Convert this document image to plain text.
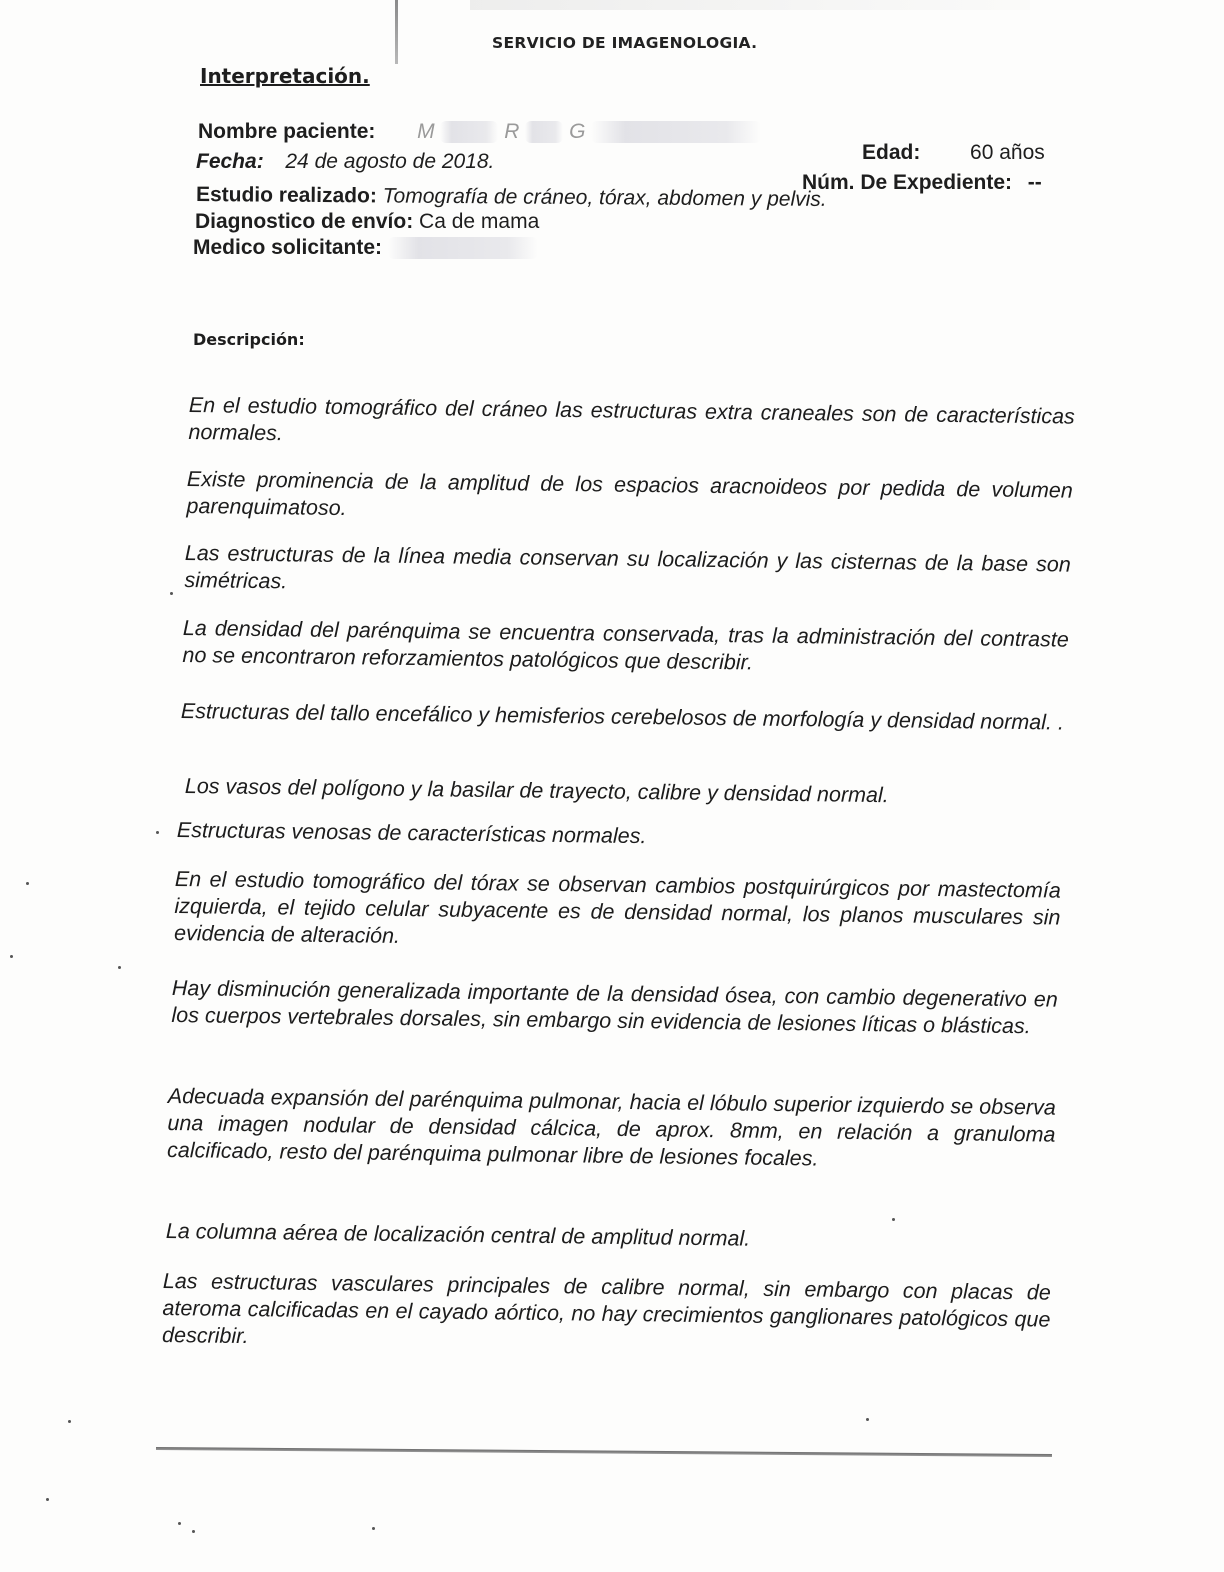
SERVICIO DE IMAGENOLOGIA.
Interpretación.
Nombre paciente: M	R G
Edad: 60 años
Fecha: 24 de agosto de 2018.
Núm. De Expediente: --
Estudio realizado: Tomografía de cráneo, tórax, abdomen y pelvis.
Diagnostico de envío: Ca de mama
Medico solicitante:
Descripción:
En el estudio tomográfico del cráneo las estructuras extra craneales son de características normales.
Existe prominencia de la amplitud de los espacios aracnoideos por pedida de volumen parenquimatoso.
Las estructuras de la línea media conservan su localización y las cisternas de la base son simétricas.
La densidad del parénquima se encuentra conservada, tras la administración del contraste no se encontraron reforzamientos patológicos que describir.
Estructuras del tallo encefálico y hemisferios cerebelosos de morfología y densidad normal. .
Los vasos del polígono y la basilar de trayecto, calibre y densidad normal.
Estructuras venosas de características normales.
En el estudio tomográfico del tórax se observan cambios postquirúrgicos por mastectomía izquierda, el tejido celular subyacente es de densidad normal, los planos musculares sin evidencia de alteración.
Hay disminución generalizada importante de la densidad ósea, con cambio degenerativo en los cuerpos vertebrales dorsales, sin embargo sin evidencia de lesiones líticas o blásticas.
Adecuada expansión del parénquima pulmonar, hacia el lóbulo superior izquierdo se observa una imagen nodular de densidad cálcica, de aprox. 8mm, en relación a granuloma calcificado, resto del parénquima pulmonar libre de lesiones focales.
La columna aérea de localización central de amplitud normal.
Las estructuras vasculares principales de calibre normal, sin embargo con placas de ateroma calcificadas en el cayado aórtico, no hay crecimientos ganglionares patológicos que describir.
